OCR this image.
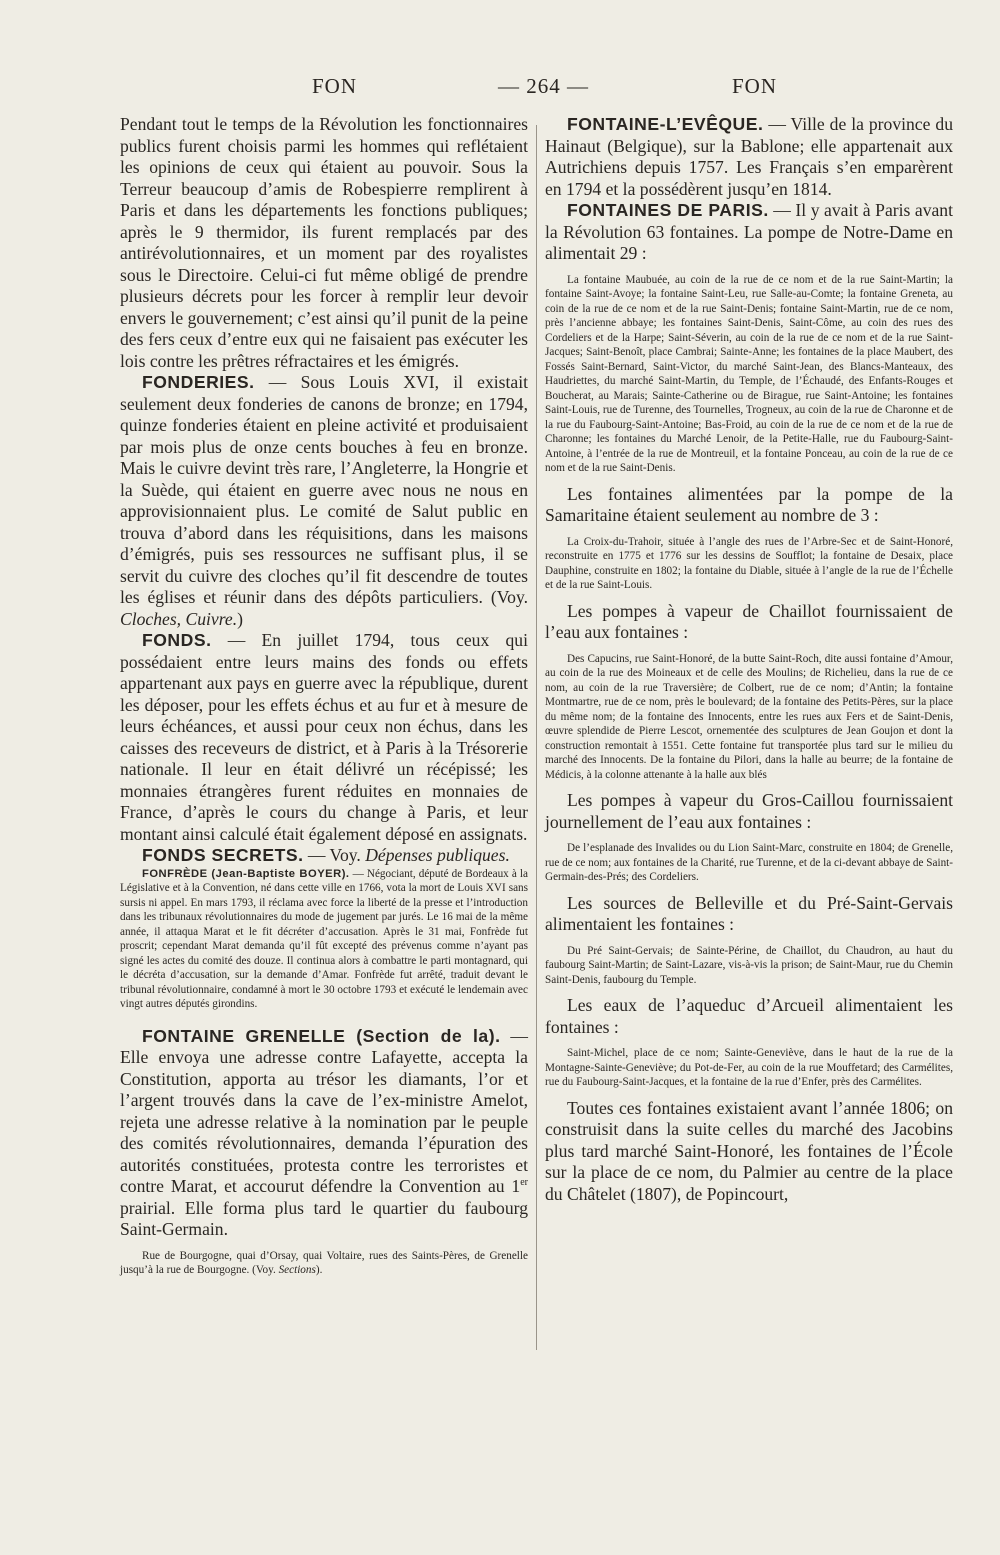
FON	— 264 —	FON

Pendant tout le temps de la Révolution les fonctionnaires publics furent choisis parmi les hommes qui reflétaient les opinions de ceux qui étaient au pouvoir. Sous la Terreur beaucoup d’amis de Robespierre remplirent à Paris et dans les départements les fonctions publiques; après le 9 thermidor, ils furent remplacés par des antirévolutionnaires, et un moment par des royalistes sous le Directoire. Celui-ci fut même obligé de prendre plusieurs décrets pour les forcer à remplir leur devoir envers le gouvernement; c’est ainsi qu’il punit de la peine des fers ceux d’entre eux qui ne faisaient pas exécuter les lois contre les prêtres réfractaires et les émigrés.

FONDERIES. — Sous Louis XVI, il existait seulement deux fonderies de canons de bronze; en 1794, quinze fonderies étaient en pleine activité et produisaient par mois plus de onze cents bouches à feu en bronze. Mais le cuivre devint très rare, l’Angleterre, la Hongrie et la Suède, qui étaient en guerre avec nous ne nous en approvisionnaient plus. Le comité de Salut public en trouva d’abord dans les réquisitions, dans les maisons d’émigrés, puis ses ressources ne suffisant plus, il se servit du cuivre des cloches qu’il fit descendre de toutes les églises et réunir dans des dépôts particuliers. (Voy. Cloches, Cuivre.)

FONDS. — En juillet 1794, tous ceux qui possédaient entre leurs mains des fonds ou effets appartenant aux pays en guerre avec la république, durent les déposer, pour les effets échus et au fur et à mesure de leurs échéances, et aussi pour ceux non échus, dans les caisses des receveurs de district, et à Paris à la Trésorerie nationale. Il leur en était délivré un récépissé; les monnaies étrangères furent réduites en monnaies de France, d’après le cours du change à Paris, et leur montant ainsi calculé était également déposé en assignats.

FONDS SECRETS. — Voy. Dépenses publiques.

FONFRÈDE (Jean-Baptiste BOYER). — Négociant, député de Bordeaux à la Législative et à la Convention, né dans cette ville en 1766, vota la mort de Louis XVI sans sursis ni appel. En mars 1793, il réclama avec force la liberté de la presse et l’introduction dans les tribunaux révolutionnaires du mode de jugement par jurés. Le 16 mai de la même année, il attaqua Marat et le fit décréter d’accusation. Après le 31 mai, Fonfrède fut proscrit; cependant Marat demanda qu’il fût excepté des prévenus comme n’ayant pas signé les actes du comité des douze. Il continua alors à combattre le parti montagnard, qui le décréta d’accusation, sur la demande d’Amar. Fonfrède fut arrêté, traduit devant le tribunal révolutionnaire, condamné à mort le 30 octobre 1793 et exécuté le lendemain avec vingt autres députés girondins.

FONTAINE GRENELLE (Section de la). — Elle envoya une adresse contre Lafayette, accepta la Constitution, apporta au trésor les diamants, l’or et l’argent trouvés dans la cave de l’ex-ministre Amelot, rejeta une adresse relative à la nomination par le peuple des comités révolutionnaires, demanda l’épuration des autorités constituées, protesta contre les terroristes et contre Marat, et accourut défendre la Convention au 1er prairial. Elle forma plus tard le quartier du faubourg Saint-Germain.

Rue de Bourgogne, quai d’Orsay, quai Voltaire, rues des Saints-Pères, de Grenelle jusqu’à la rue de Bourgogne. (Voy. Sections).

FONTAINE-L’EVÊQUE. — Ville de la province du Hainaut (Belgique), sur la Bablone; elle appartenait aux Autrichiens depuis 1757. Les Français s’en emparèrent en 1794 et la possédèrent jusqu’en 1814.

FONTAINES DE PARIS. — Il y avait à Paris avant la Révolution 63 fontaines. La pompe de Notre-Dame en alimentait 29 :

La fontaine Maubuée, au coin de la rue de ce nom et de la rue Saint-Martin; la fontaine Saint-Avoye; la fontaine Saint-Leu, rue Salle-au-Comte; la fontaine Greneta, au coin de la rue de ce nom et de la rue Saint-Denis; fontaine Saint-Martin, rue de ce nom, près l’ancienne abbaye; les fontaines Saint-Denis, Saint-Côme, au coin des rues des Cordeliers et de la Harpe; Saint-Séverin, au coin de la rue de ce nom et de la rue Saint-Jacques; Saint-Benoît, place Cambrai; Sainte-Anne; les fontaines de la place Maubert, des Fossés Saint-Bernard, Saint-Victor, du marché Saint-Jean, des Blancs-Manteaux, des Haudriettes, du marché Saint-Martin, du Temple, de l’Échaudé, des Enfants-Rouges et Boucherat, au Marais; Sainte-Catherine ou de Birague, rue Saint-Antoine; les fontaines Saint-Louis, rue de Turenne, des Tournelles, Trogneux, au coin de la rue de Charonne et de la rue du Faubourg-Saint-Antoine; Bas-Froid, au coin de la rue de ce nom et de la rue de Charonne; les fontaines du Marché Lenoir, de la Petite-Halle, rue du Faubourg-Saint-Antoine, à l’entrée de la rue de Montreuil, et la fontaine Ponceau, au coin de la rue de ce nom et de la rue Saint-Denis.

Les fontaines alimentées par la pompe de la Samaritaine étaient seulement au nombre de 3 :

La Croix-du-Trahoir, située à l’angle des rues de l’Arbre-Sec et de Saint-Honoré, reconstruite en 1775 et 1776 sur les dessins de Soufflot; la fontaine de Desaix, place Dauphine, construite en 1802; la fontaine du Diable, située à l’angle de la rue de l’Échelle et de la rue Saint-Louis.

Les pompes à vapeur de Chaillot fournissaient de l’eau aux fontaines :

Des Capucins, rue Saint-Honoré, de la butte Saint-Roch, dite aussi fontaine d’Amour, au coin de la rue des Moineaux et de celle des Moulins; de Richelieu, dans la rue de ce nom, au coin de la rue Traversière; de Colbert, rue de ce nom; d’Antin; la fontaine Montmartre, rue de ce nom, près le boulevard; de la fontaine des Petits-Pères, sur la place du même nom; de la fontaine des Innocents, entre les rues aux Fers et de Saint-Denis, œuvre splendide de Pierre Lescot, ornementée des sculptures de Jean Goujon et dont la construction remontait à 1551. Cette fontaine fut transportée plus tard sur le milieu du marché des Innocents. De la fontaine du Pilori, dans la halle au beurre; de la fontaine de Médicis, à la colonne attenante à la halle aux blés

Les pompes à vapeur du Gros-Caillou fournissaient journellement de l’eau aux fontaines :

De l’esplanade des Invalides ou du Lion Saint-Marc, construite en 1804; de Grenelle, rue de ce nom; aux fontaines de la Charité, rue Turenne, et de la ci-devant abbaye de Saint-Germain-des-Prés; des Cordeliers.

Les sources de Belleville et du Pré-Saint-Gervais alimentaient les fontaines :

Du Pré Saint-Gervais; de Sainte-Périne, de Chaillot, du Chaudron, au haut du faubourg Saint-Martin; de Saint-Lazare, vis-à-vis la prison; de Saint-Maur, rue du Chemin Saint-Denis, faubourg du Temple.

Les eaux de l’aqueduc d’Arcueil alimentaient les fontaines :

Saint-Michel, place de ce nom; Sainte-Geneviève, dans le haut de la rue de la Montagne-Sainte-Geneviève; du Pot-de-Fer, au coin de la rue Mouffetard; des Carmélites, rue du Faubourg-Saint-Jacques, et la fontaine de la rue d’Enfer, près des Carmélites.

Toutes ces fontaines existaient avant l’année 1806; on construisit dans la suite celles du marché des Jacobins plus tard marché Saint-Honoré, les fontaines de l’École sur la place de ce nom, du Palmier au centre de la place du Châtelet (1807), de Popincourt,
